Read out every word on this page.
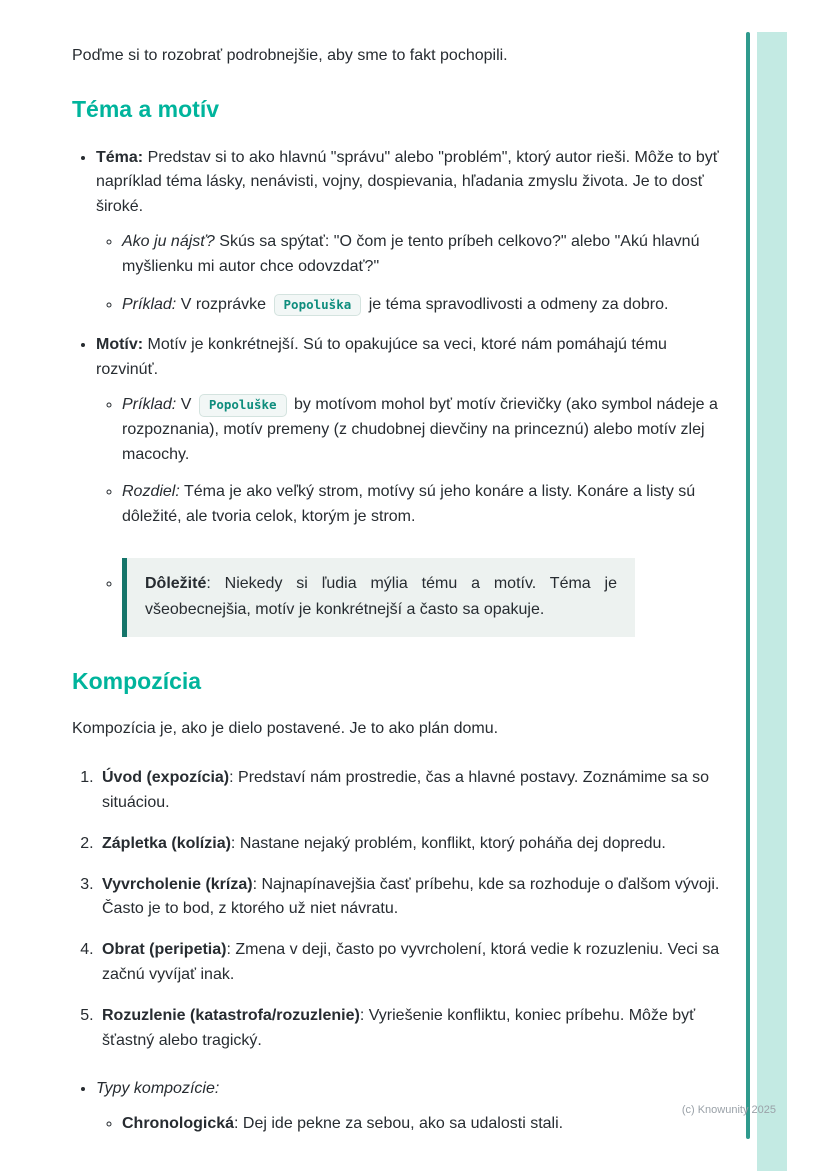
Poďme si to rozobrať podrobnejšie, aby sme to fakt pochopili.

Téma a motív
• Téma: Predstav si to ako hlavnú "správu" alebo "problém", ktorý autor rieši. Môže to byť napríklad téma lásky, nenávisti, vojny, dospievania, hľadania zmyslu života. Je to dosť široké.
◦ Ako ju nájsť? Skús sa spýtať: "O čom je tento príbeh celkovo?" alebo "Akú hlavnú myšlienku mi autor chce odovzdať?"
◦ Príklad: V rozprávke Popoluška je téma spravodlivosti a odmeny za dobro.
• Motív: Motív je konkrétnejší. Sú to opakujúce sa veci, ktoré nám pomáhajú tému rozvinúť.
◦ Príklad: V Popoluške by motívom mohol byť motív črievičky (ako symbol nádeje a rozpoznania), motív premeny (z chudobnej dievčiny na princeznú) alebo motív zlej macochy.
◦ Rozdiel: Téma je ako veľký strom, motívy sú jeho konáre a listy. Konáre a listy sú dôležité, ale tvoria celok, ktorým je strom.
◦ Dôležité: Niekedy si ľudia mýlia tému a motív. Téma je všeobecnejšia, motív je konkrétnejší a často sa opakuje.
Kompozícia

Kompozícia je, ako je dielo postavené. Je to ako plán domu.

1. Úvod (expozícia): Predstaví nám prostredie, čas a hlavné postavy. Zoznámime sa so situáciou.
2. Zápletka (kolízia): Nastane nejaký problém, konflikt, ktorý poháňa dej dopredu.
3. Vyvrcholenie (kríza): Najnapínavejšia časť príbehu, kde sa rozhoduje o ďalšom vývoji. Často je to bod, z ktorého už niet návratu.
4. Obrat (peripetia): Zmena v deji, často po vyvrcholení, ktorá vedie k rozuzleniu. Veci sa začnú vyvíjať inak.
5. Rozuzlenie (katastrofa/rozuzlenie): Vyriešenie konfliktu, koniec príbehu. Môže byť šťastný alebo tragický.
• Typy kompozície:
◦ Chronologická: Dej ide pekne za sebou, ako sa udalosti stali.
(c) Knowunity 2025
